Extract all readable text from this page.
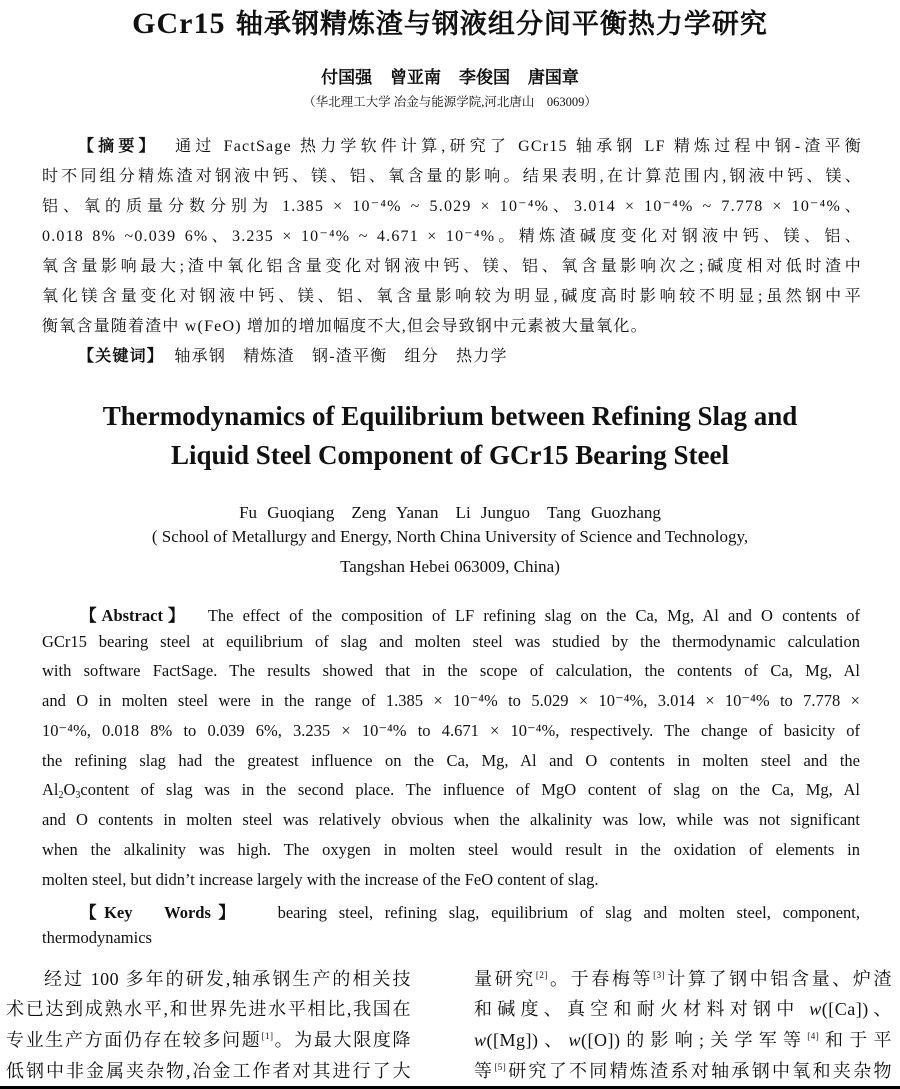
GCr15 轴承钢精炼渣与钢液组分间平衡热力学研究
付国强 曾亚南 李俊国 唐国章
（华北理工大学 冶金与能源学院,河北唐山　063009）
【摘要】 通过 FactSage 热力学软件计算,研究了 GCr15 轴承钢 LF 精炼过程中钢-渣平衡
时不同组分精炼渣对钢液中钙、镁、铝、氧含量的影响。结果表明,在计算范围内,钢液中钙、镁、
铝、氧的质量分数分别为 1.385 × 10⁻⁴% ~ 5.029 × 10⁻⁴%、3.014 × 10⁻⁴% ~ 7.778 × 10⁻⁴%、
0.018 8% ~0.039 6%、3.235 × 10⁻⁴% ~ 4.671 × 10⁻⁴%。精炼渣碱度变化对钢液中钙、镁、铝、
氧含量影响最大;渣中氧化铝含量变化对钢液中钙、镁、铝、氧含量影响次之;碱度相对低时渣中
氧化镁含量变化对钢液中钙、镁、铝、氧含量影响较为明显,碱度高时影响较不明显;虽然钢中平
衡氧含量随着渣中 w(FeO) 增加的增加幅度不大,但会导致钢中元素被大量氧化。
【关键词】 轴承钢　精炼渣　钢-渣平衡　组分　热力学
Thermodynamics of Equilibrium between Refining Slag and
Liquid Steel Component of GCr15 Bearing Steel
Fu Guoqiang　Zeng Yanan　Li Junguo　Tang Guozhang
( School of Metallurgy and Energy, North China University of Science and Technology,
Tangshan Hebei 063009, China)
【Abstract】 The effect of the composition of LF refining slag on the Ca, Mg, Al and O contents of
GCr15 bearing steel at equilibrium of slag and molten steel was studied by the thermodynamic calculation
with software FactSage. The results showed that in the scope of calculation, the contents of Ca, Mg, Al
and O in molten steel were in the range of 1.385 × 10⁻⁴% to 5.029 × 10⁻⁴%, 3.014 × 10⁻⁴% to 7.778 ×
10⁻⁴%, 0.018 8% to 0.039 6%, 3.235 × 10⁻⁴% to 4.671 × 10⁻⁴%, respectively. The change of basicity of
the refining slag had the greatest influence on the Ca, Mg, Al and O contents in molten steel and the
$Al_2O_3content$ of slag was in the second place. The influence of MgO content of slag on the Ca, Mg, Al
and O contents in molten steel was relatively obvious when the alkalinity was low, while was not significant
when the alkalinity was high. The oxygen in molten steel would result in the oxidation of elements in
molten steel, but didn’t increase largely with the increase of the FeO content of slag.
【Key　Words】 bearing steel, refining slag, equilibrium of slag and molten steel, component,
thermodynamics
经过 100 多年的研发,轴承钢生产的相关技
术已达到成熟水平,和世界先进水平相比,我国在
专业生产方面仍存在较多问题[1]。为最大限度降
低钢中非金属夹杂物,冶金工作者对其进行了大
量研究[2]。于春梅等[3]计算了钢中铝含量、炉渣
和碱度、真空和耐火材料对钢中 w([Ca])、
w([Mg])、w([O])的影响;关学军等[4]和于平
等[5]研究了不同精炼渣系对轴承钢中氧和夹杂物
